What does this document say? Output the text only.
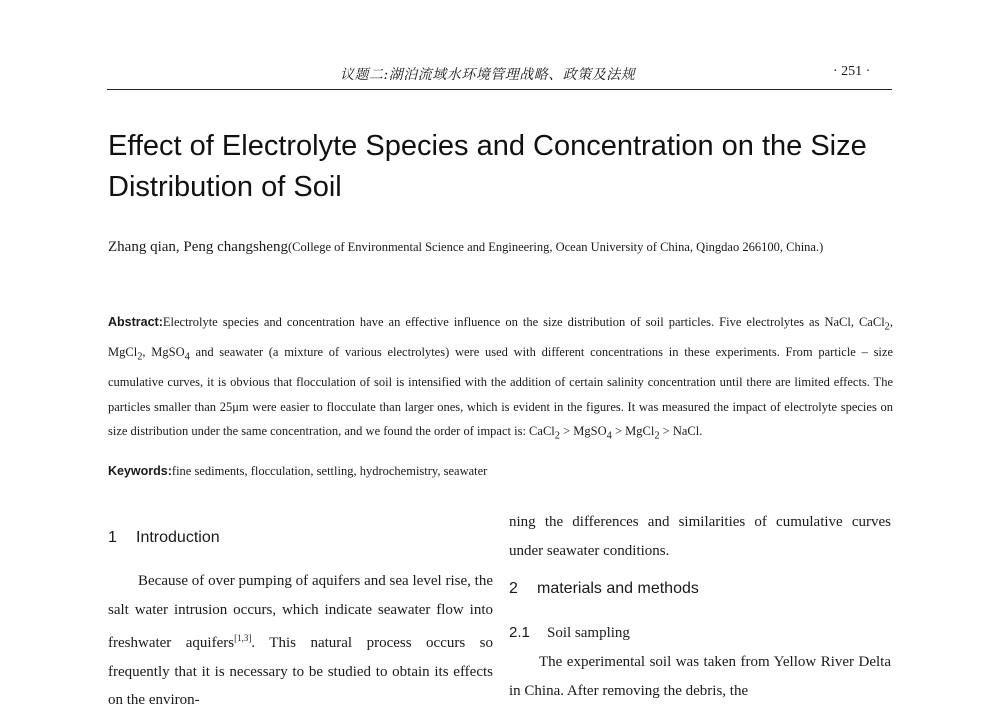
议题二:湖泊流域水环境管理战略、政策及法规	· 251 ·
Effect of Electrolyte Species and Concentration on the Size Distribution of Soil
Zhang qian, Peng changsheng(College of Environmental Science and Engineering, Ocean University of China, Qingdao 266100, China.)
Abstract:Electrolyte species and concentration have an effective influence on the size distribution of soil particles. Five electrolytes as NaCl, CaCl$_2$, MgCl$_2$, MgSO$_4$ and seawater (a mixture of various electrolytes) were used with different concentrations in these experiments. From particle – size cumulative curves, it is obvious that flocculation of soil is intensified with the addition of certain salinity concentration until there are limited effects. The particles smaller than 25μm were easier to flocculate than larger ones, which is evident in the figures. It was measured the impact of electrolyte species on size distribution under the same concentration, and we found the order of impact is: CaCl$_2$ > MgSO$_4$ > MgCl$_2$ > NaCl.
Keywords:fine sediments, flocculation, settling, hydrochemistry, seawater
1 Introduction

Because of over pumping of aquifers and sea level rise, the salt water intrusion occurs, which indicate seawater flow into freshwater aquifers[1,3]. This natural process occurs so frequently that it is necessary to be studied to obtain its effects on the environ-

ning the differences and similarities of cumulative curves under seawater conditions.

2 materials and methods
2.1 Soil sampling

The experimental soil was taken from Yellow River Delta in China. After removing the debris, the
